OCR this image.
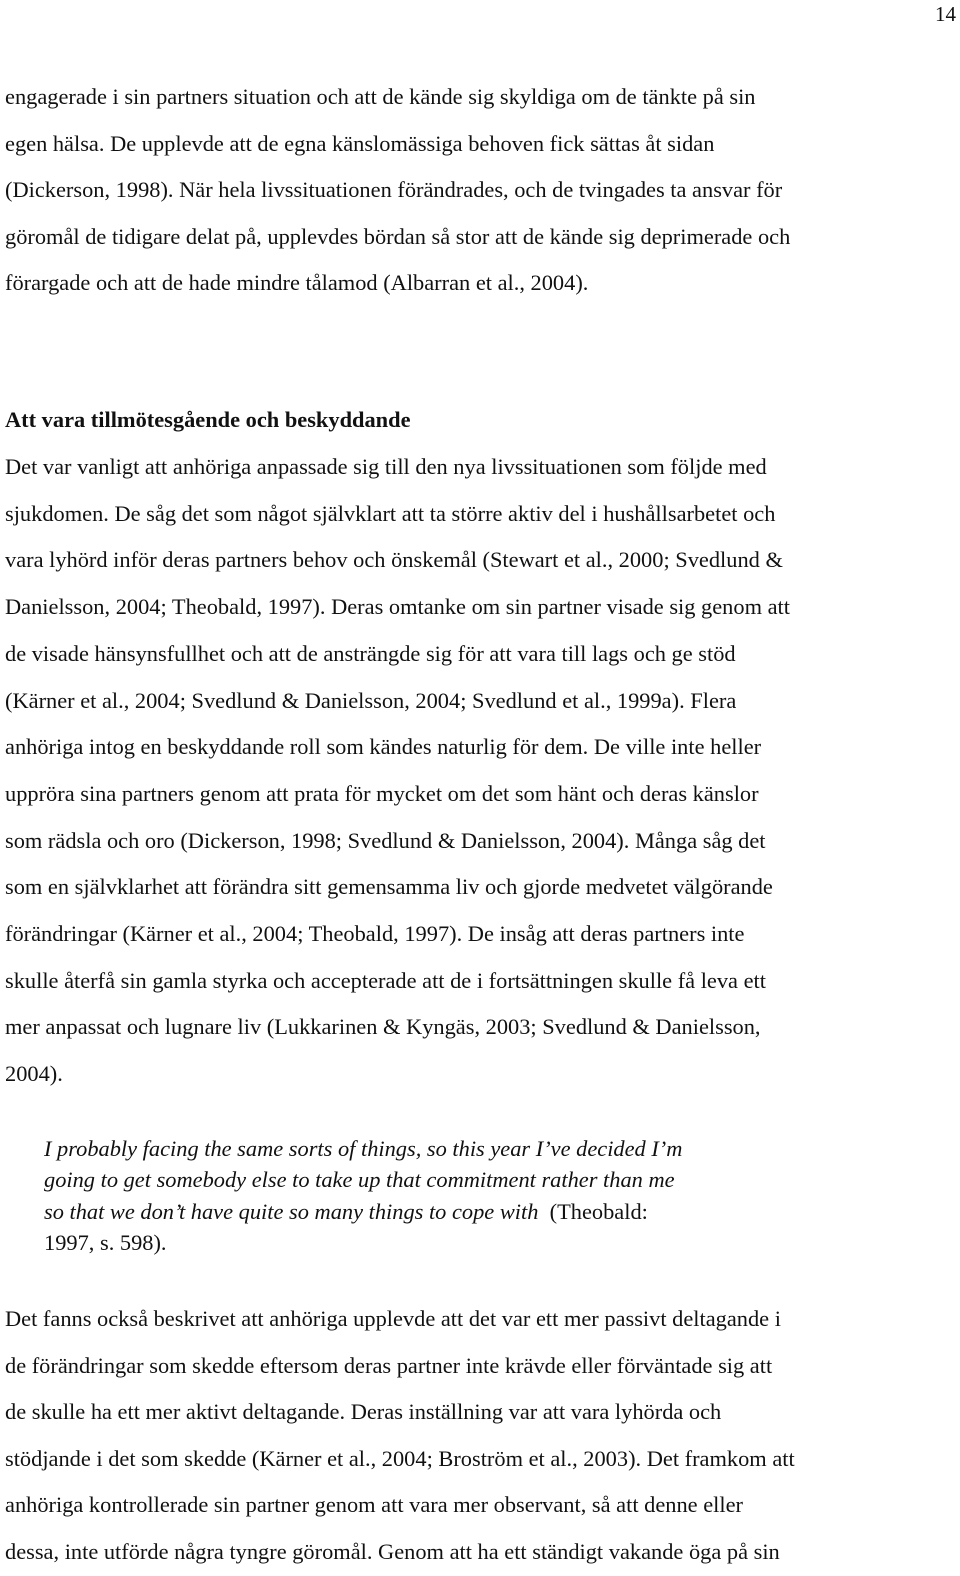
14

engagerade i sin partners situation och att de kände sig skyldiga om de tänkte på sin
egen hälsa. De upplevde att de egna känslomässiga behoven fick sättas åt sidan
(Dickerson, 1998). När hela livssituationen förändrades, och de tvingades ta ansvar för
göromål de tidigare delat på, upplevdes bördan så stor att de kände sig deprimerade och
förargade och att de hade mindre tålamod (Albarran et al., 2004).

Att vara tillmötesgående och beskyddande

Det var vanligt att anhöriga anpassade sig till den nya livssituationen som följde med
sjukdomen. De såg det som något självklart att ta större aktiv del i hushållsarbetet och
vara lyhörd inför deras partners behov och önskemål (Stewart et al., 2000; Svedlund &
Danielsson, 2004; Theobald, 1997). Deras omtanke om sin partner visade sig genom att
de visade hänsynsfullhet och att de ansträngde sig för att vara till lags och ge stöd
(Kärner et al., 2004; Svedlund & Danielsson, 2004; Svedlund et al., 1999a). Flera
anhöriga intog en beskyddande roll som kändes naturlig för dem. De ville inte heller
uppröra sina partners genom att prata för mycket om det som hänt och deras känslor
som rädsla och oro (Dickerson, 1998; Svedlund & Danielsson, 2004). Många såg det
som en självklarhet att förändra sitt gemensamma liv och gjorde medvetet välgörande
förändringar (Kärner et al., 2004; Theobald, 1997). De insåg att deras partners inte
skulle återfå sin gamla styrka och accepterade att de i fortsättningen skulle få leva ett
mer anpassat och lugnare liv (Lukkarinen & Kyngäs, 2003; Svedlund & Danielsson,
2004).

I probably facing the same sorts of things, so this year I’ve decided I’m
going to get somebody else to take up that commitment rather than me
so that we don’t have quite so many things to cope with (Theobald:
1997, s. 598).

Det fanns också beskrivet att anhöriga upplevde att det var ett mer passivt deltagande i
de förändringar som skedde eftersom deras partner inte krävde eller förväntade sig att
de skulle ha ett mer aktivt deltagande. Deras inställning var att vara lyhörda och
stödjande i det som skedde (Kärner et al., 2004; Broström et al., 2003). Det framkom att
anhöriga kontrollerade sin partner genom att vara mer observant, så att denne eller
dessa, inte utförde några tyngre göromål. Genom att ha ett ständigt vakande öga på sin
